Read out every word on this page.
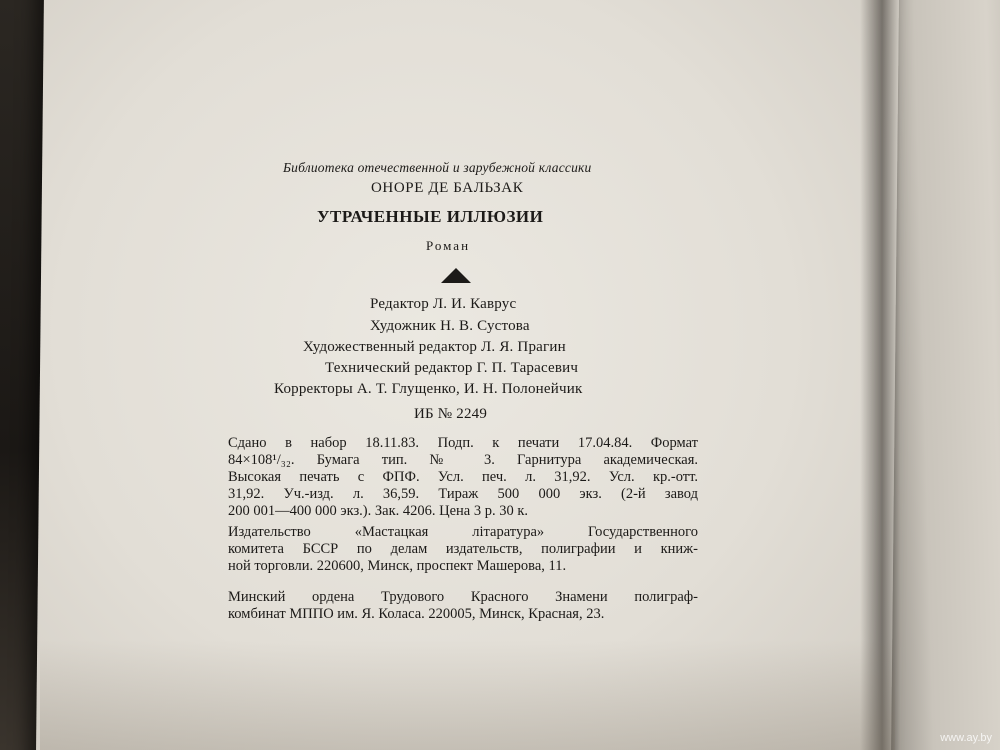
Библиотека отечественной и зарубежной классики
ОНОРЕ ДЕ БАЛЬЗАК
УТРАЧЕННЫЕ ИЛЛЮЗИИ
Роман
Редактор Л. И. Каврус
Художник Н. В. Сустова
Художественный редактор Л. Я. Прагин
Технический редактор Г. П. Тарасевич
Корректоры А. Т. Глущенко, И. Н. Полонейчик
ИБ № 2249
Сдано в набор 18.11.83. Подп. к печати 17.04.84. Формат
84×108¹/₃₂. Бумага тип. № 3. Гарнитура академическая.
Высокая печать с ФПФ. Усл. печ. л. 31,92. Усл. кр.-отт.
31,92. Уч.-изд. л. 36,59. Тираж 500 000 экз. (2-й завод
200 001—400 000 экз.). Зак. 4206. Цена 3 р. 30 к.
Издательство «Мастацкая лiтаратура» Государственного
комитета БССР по делам издательств, полиграфии и книж-
ной торговли. 220600, Минск, проспект Машерова, 11.
Минский ордена Трудового Красного Знамени полиграф-
комбинат МППО им. Я. Коласа. 220005, Минск, Красная, 23.
www.ay.by
